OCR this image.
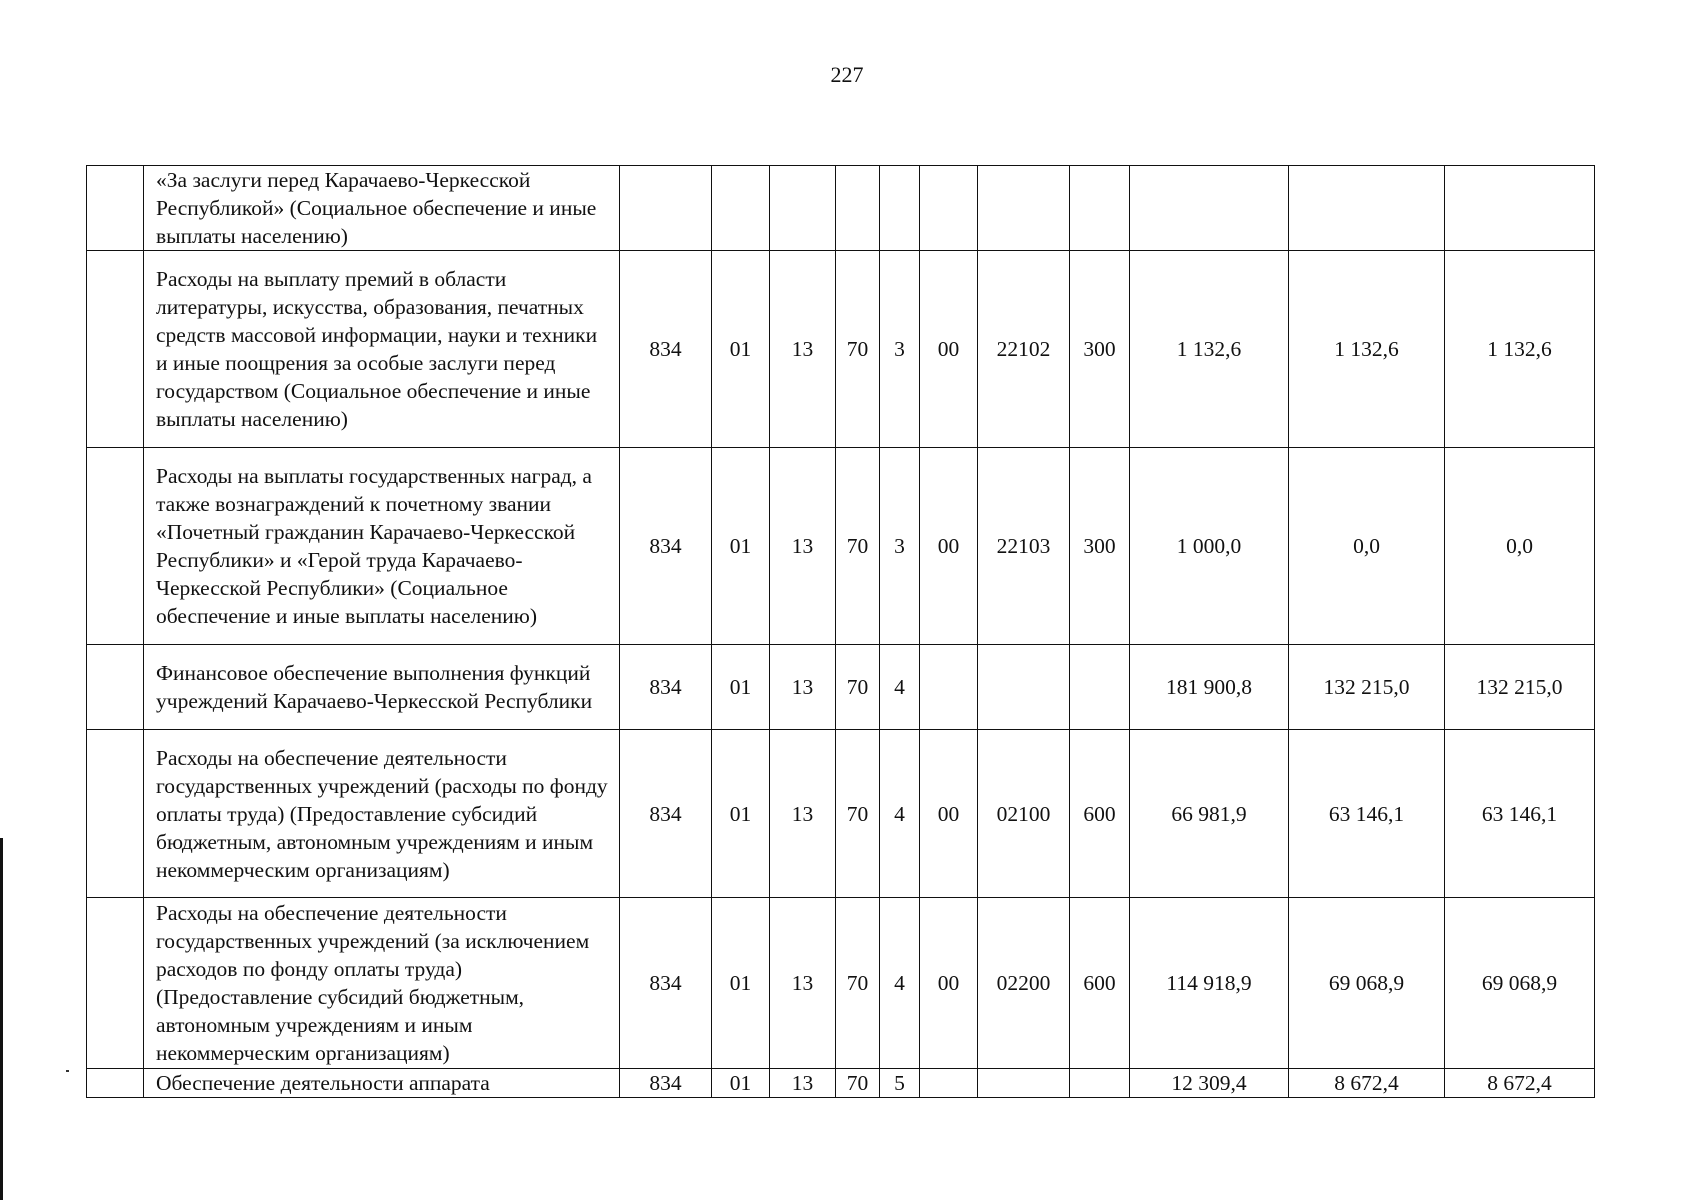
227
	«За заслуги перед Карачаево-Черкесской Республикой» (Социальное обеспечение и иные выплаты населению)											
	Расходы на выплату премий в области литературы, искусства, образования, печатных средств массовой информации, науки и техники и иные поощрения за особые заслуги перед государством (Социальное обеспечение и иные выплаты населению)	834	01	13	70	3	00	22102	300	1 132,6	1 132,6	1 132,6
	Расходы на выплаты государственных наград, а также вознаграждений к почетному звании «Почетный гражданин Карачаево-Черкесской Республики» и «Герой труда Карачаево-Черкесской Республики» (Социальное обеспечение и иные выплаты населению)	834	01	13	70	3	00	22103	300	1 000,0	0,0	0,0
	Финансовое обеспечение выполнения функций учреждений Карачаево-Черкесской Республики	834	01	13	70	4				181 900,8	132 215,0	132 215,0
	Расходы на обеспечение деятельности государственных учреждений (расходы по фонду оплаты труда) (Предоставление субсидий бюджетным, автономным учреждениям и иным некоммерческим организациям)	834	01	13	70	4	00	02100	600	66 981,9	63 146,1	63 146,1
	Расходы на обеспечение деятельности государственных учреждений (за исключением расходов по фонду оплаты труда) (Предоставление субсидий бюджетным, автономным учреждениям и иным некоммерческим организациям)	834	01	13	70	4	00	02200	600	114 918,9	69 068,9	69 068,9
	Обеспечение деятельности аппарата	834	01	13	70	5				12 309,4	8 672,4	8 672,4
